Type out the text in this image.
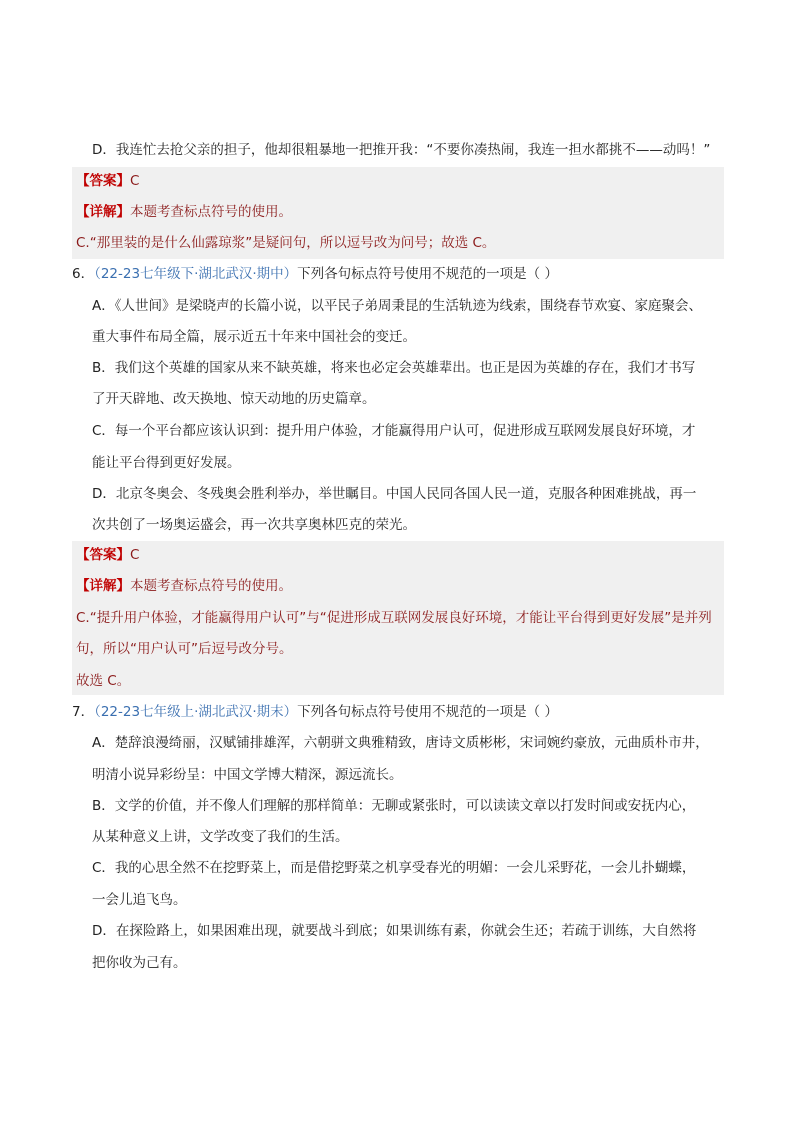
D．我连忙去抢父亲的担子，他却很粗暴地一把推开我：“不要你凑热闹，我连一担水都挑不——动吗！”
【答案】C
【详解】本题考查标点符号的使用。
C.“那里装的是什么仙露琼浆”是疑问句，所以逗号改为问号；故选 C。
6．（22-23七年级下·湖北武汉·期中）下列各句标点符号使用不规范的一项是（ ）
A．《人世间》是梁晓声的长篇小说，以平民子弟周秉昆的生活轨迹为线索，围绕春节欢宴、家庭聚会、
重大事件布局全篇，展示近五十年来中国社会的变迁。
B．我们这个英雄的国家从来不缺英雄，将来也必定会英雄辈出。也正是因为英雄的存在，我们才书写
了开天辟地、改天换地、惊天动地的历史篇章。
C．每一个平台都应该认识到：提升用户体验，才能赢得用户认可，促进形成互联网发展良好环境，才
能让平台得到更好发展。
D．北京冬奥会、冬残奥会胜利举办，举世瞩目。中国人民同各国人民一道，克服各种困难挑战，再一
次共创了一场奥运盛会，再一次共享奥林匹克的荣光。
【答案】C
【详解】本题考查标点符号的使用。
C.“提升用户体验，才能赢得用户认可”与“促进形成互联网发展良好环境，才能让平台得到更好发展”是并列
句，所以“用户认可”后逗号改分号。
故选 C。
7．（22-23七年级上·湖北武汉·期末）下列各句标点符号使用不规范的一项是（ ）
A．楚辞浪漫绮丽，汉赋铺排雄浑，六朝骈文典雅精致，唐诗文质彬彬，宋词婉约豪放，元曲质朴市井，
明清小说异彩纷呈：中国文学博大精深，源远流长。
B．文学的价值，并不像人们理解的那样简单：无聊或紧张时，可以读读文章以打发时间或安抚内心，
从某种意义上讲，文学改变了我们的生活。
C．我的心思全然不在挖野菜上，而是借挖野菜之机享受春光的明媚：一会儿采野花，一会儿扑蝴蝶，
一会儿追飞鸟。
D．在探险路上，如果困难出现，就要战斗到底；如果训练有素，你就会生还；若疏于训练，大自然将
把你收为己有。
